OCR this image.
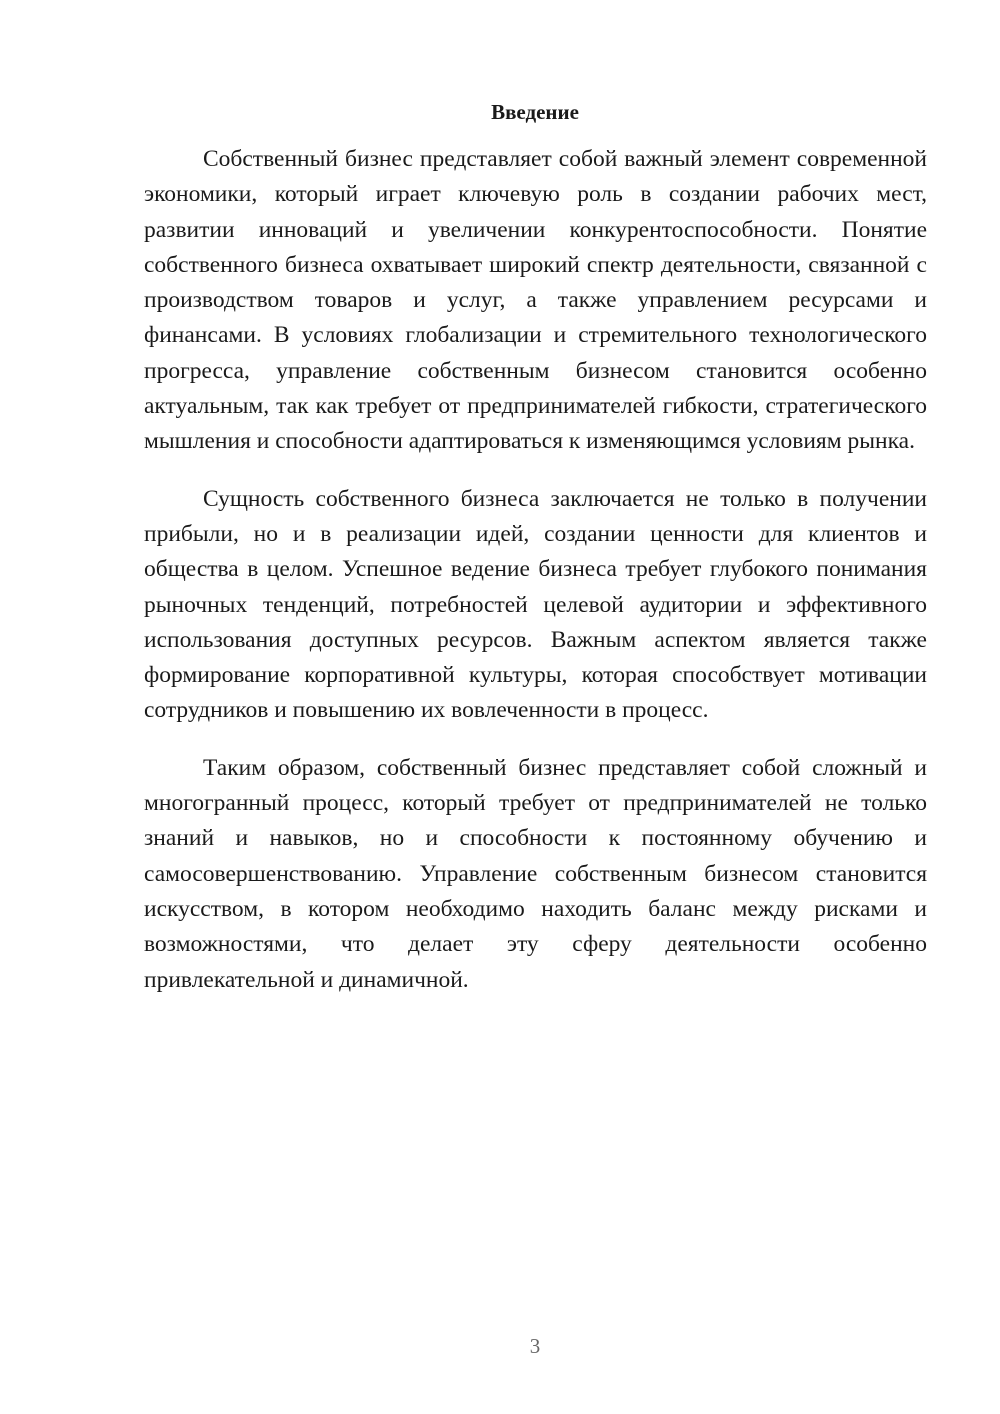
Введение

Собственный бизнес представляет собой важный элемент современной экономики, который играет ключевую роль в создании рабочих мест, развитии инноваций и увеличении конкурентоспособности. Понятие собственного бизнеса охватывает широкий спектр деятельности, связанной с производством товаров и услуг, а также управлением ресурсами и финансами. В условиях глобализации и стремительного технологического прогресса, управление собственным бизнесом становится особенно актуальным, так как требует от предпринимателей гибкости, стратегического мышления и способности адаптироваться к изменяющимся условиям рынка.

Сущность собственного бизнеса заключается не только в получении прибыли, но и в реализации идей, создании ценности для клиентов и общества в целом. Успешное ведение бизнеса требует глубокого понимания рыночных тенденций, потребностей целевой аудитории и эффективного использования доступных ресурсов. Важным аспектом является также формирование корпоративной культуры, которая способствует мотивации сотрудников и повышению их вовлеченности в процесс.

Таким образом, собственный бизнес представляет собой сложный и многогранный процесс, который требует от предпринимателей не только знаний и навыков, но и способности к постоянному обучению и самосовершенствованию. Управление собственным бизнесом становится искусством, в котором необходимо находить баланс между рисками и возможностями, что делает эту сферу деятельности особенно привлекательной и динамичной.

3
